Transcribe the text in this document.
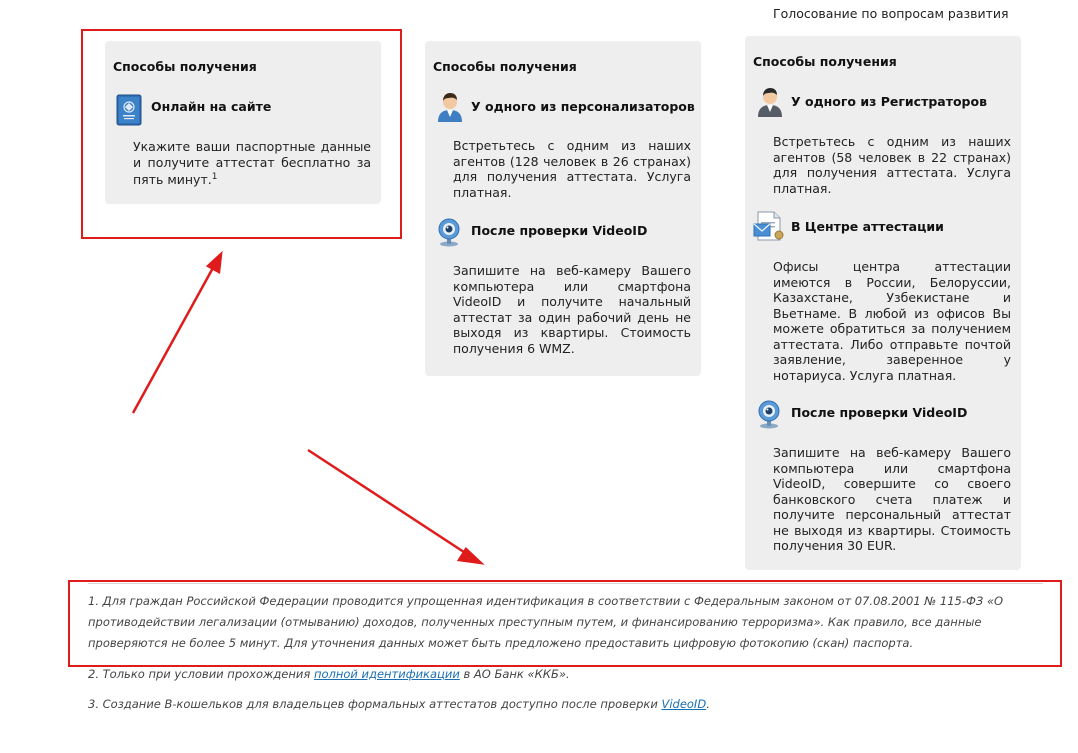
Голосование по вопросам развития
Способы получения
Онлайн на сайте
Укажите ваши паспортные данные и получите аттестат бесплатно за пять минут.$^1$
Способы получения
У одного из персонализаторов
Встретьтесь с одним из наших агентов (128 человек в 26 странах) для получения аттестата. Услуга платная.
После проверки VideoID
Запишите на веб-камеру Вашего компьютера или смартфона VideoID и получите начальный аттестат за один рабочий день не выходя из квартиры. Стоимость получения 6 WMZ.
Способы получения
У одного из Регистраторов
Встретьтесь с одним из наших агентов (58 человек в 22 странах) для получения аттестата. Услуга платная.
В Центре аттестации
Офисы центра аттестации имеются в России, Белоруссии, Казахстане, Узбекистане и Вьетнаме. В любой из офисов Вы можете обратиться за получением аттестата. Либо отправьте почтой заявление, заверенное у нотариуса. Услуга платная.
После проверки VideoID
Запишите на веб-камеру Вашего компьютера или смартфона VideoID, совершите со своего банковского счета платеж и получите персональный аттестат не выходя из квартиры. Стоимость получения 30 EUR.
1. Для граждан Российской Федерации проводится упрощенная идентификация в соответствии с Федеральным законом от 07.08.2001 № 115-ФЗ «О противодействии легализации (отмыванию) доходов, полученных преступным путем, и финансированию терроризма». Как правило, все данные проверяются не более 5 минут. Для уточнения данных может быть предложено предоставить цифровую фотокопию (скан) паспорта.
2. Только при условии прохождения полной идентификации в АО Банк «ККБ».
3. Создание B-кошельков для владельцев формальных аттестатов доступно после проверки VideoID.
